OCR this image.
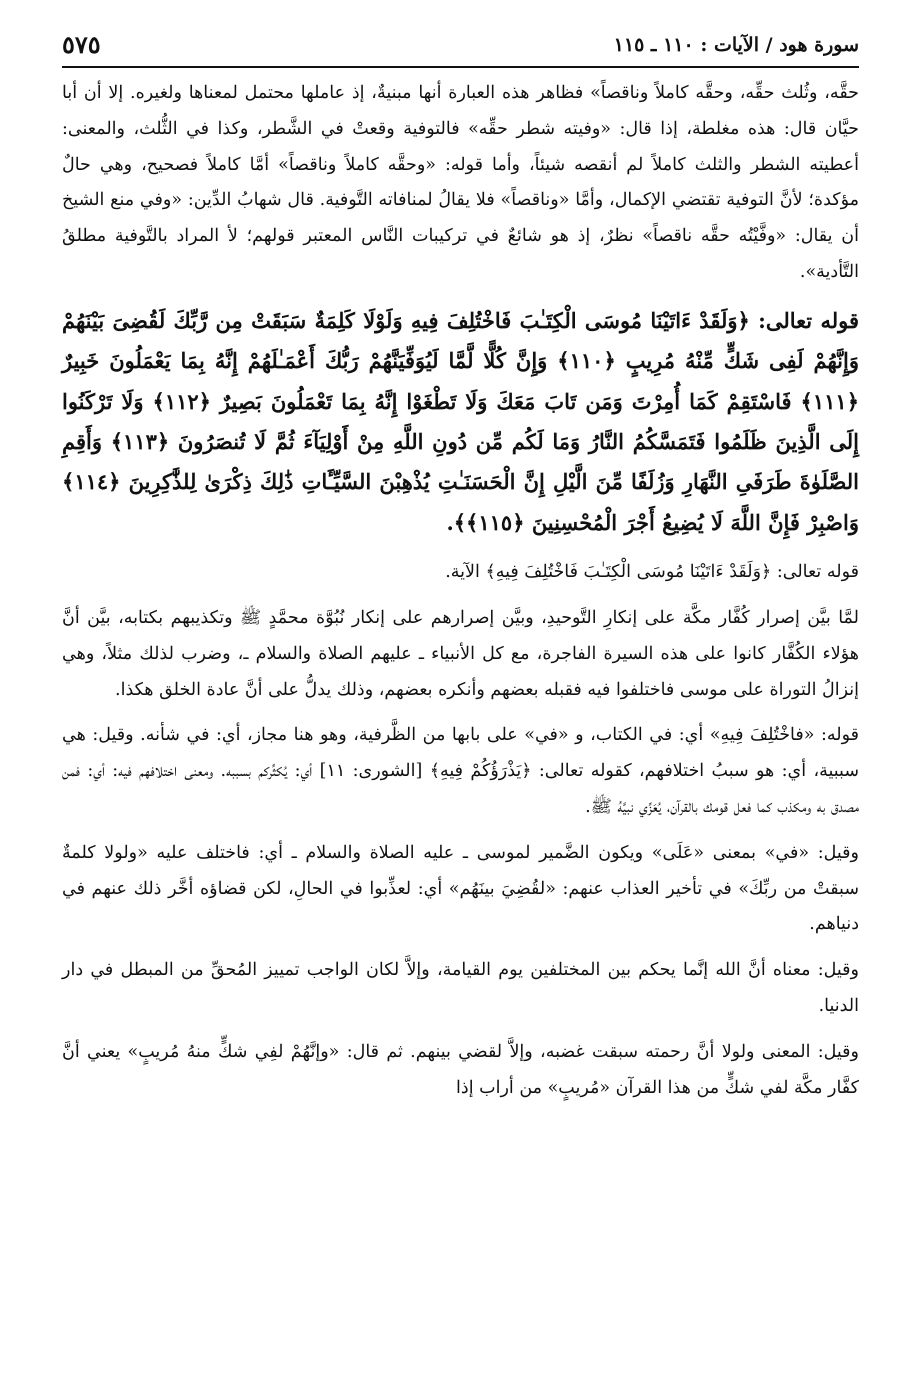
سورة هود / الآيات : ١١٠ ـ ١١٥
٥٧٥

حقَّه، وثُلث حقِّه، وحقَّه كاملاً وناقصاً» فظاهر هذه العبارة أنها مبنيةٌ، إذ عاملها محتمل لمعناها ولغيره. إلا أن أبا حيَّان قال: هذه مغلطة، إذا قال: «وفيته شطر حقِّه» فالتوفية وقعتْ في الشَّطر، وكذا في الثُّلث، والمعنى: أعطيته الشطر والثلث كاملاً لم أنقصه شيئاً، وأما قوله: «وحقَّه كاملاً وناقصاً» أمَّا كاملاً فصحيح، وهي حالٌ مؤكدة؛ لأنَّ التوفية تقتضي الإكمال، وأمَّا «وناقصاً» فلا يقالُ لمنافاته التَّوفية. قال شهابُ الدِّين: «وفي منع الشيخ أن يقال: «وفَّيْتُه حقَّه ناقصاً» نظرٌ، إذ هو شائعٌ في تركيبات النَّاس المعتبر قولهم؛ لأ المراد بالتَّوفية مطلقُ التَّأدية».

قوله تعالى: ﴿وَلَقَدْ ءَاتَيْنَا مُوسَى الْكِتَـٰبَ فَاخْتُلِفَ فِيهِ وَلَوْلَا كَلِمَةٌ سَبَقَتْ مِن رَّبِّكَ لَقُضِىَ بَيْنَهُمْ وَإِنَّهُمْ لَفِى شَكٍّ مِّنْهُ مُرِيبٍ ﴿١١٠﴾ وَإِنَّ كُلًّا لَّمَّا لَيُوَفِّيَنَّهُمْ رَبُّكَ أَعْمَـٰلَهُمْ إِنَّهُ بِمَا يَعْمَلُونَ خَبِيرٌ ﴿١١١﴾ فَاسْتَقِمْ كَمَا أُمِرْتَ وَمَن تَابَ مَعَكَ وَلَا تَطْغَوْا إِنَّهُ بِمَا تَعْمَلُونَ بَصِيرٌ ﴿١١٢﴾ وَلَا تَرْكَنُوا إِلَى الَّذِينَ ظَلَمُوا فَتَمَسَّكُمُ النَّارُ وَمَا لَكُم مِّن دُونِ اللَّهِ مِنْ أَوْلِيَآءَ ثُمَّ لَا تُنصَرُونَ ﴿١١٣﴾ وَأَقِمِ الصَّلَوٰةَ طَرَفَىِ النَّهَارِ وَزُلَفًا مِّنَ الَّيْلِ إِنَّ الْحَسَنَـٰتِ يُذْهِبْنَ السَّيِّـَٔاتِ ذَٰلِكَ ذِكْرَىٰ لِلذَّٰكِرِينَ ﴿١١٤﴾ وَاصْبِرْ فَإِنَّ اللَّهَ لَا يُضِيعُ أَجْرَ الْمُحْسِنِينَ ﴿١١٥﴾﴾.

قوله تعالى: ﴿وَلَقَدْ ءَاتَيْنَا مُوسَى الْكِتَـٰبَ فَاخْتُلِفَ فِيهِ﴾ الآية.

لمَّا بيَّن إصرار كُفَّار مكَّة على إنكارِ التَّوحيدِ، وبيَّن إصرارهم على إنكار نُبُوَّة محمَّدٍ ﷺ وتكذيبهم بكتابه، بيَّن أنَّ هؤلاء الكُفَّار كانوا على هذه السيرة الفاجرة، مع كل الأنبياء ـ عليهم الصلاة والسلام ـ، وضرب لذلك مثلاً، وهي إنزالُ التوراة على موسى فاختلفوا فيه فقبله بعضهم وأنكره بعضهم، وذلك يدلُّ على أنَّ عادة الخلق هكذا.

قوله: «فاخْتُلِفَ فِيهِ» أي: في الكتاب، و «في» على بابها من الظَّرفية، وهو هنا مجاز، أي: في شأنه. وقيل: هي سببية، أي: هو سببُ اختلافهم، كقوله تعالى: ﴿يَذْرَؤُكُمْ فِيهِ﴾ [الشورى: ١١] أي: يُكثِّركم بسببه. ومعنى اختلافهم فيه: أي: فمن مصدق به ومكذب كما فعل قومك بالقرآن، يُعَزِّي نبيَّهُ ﷺ.

وقيل: «في» بمعنى «عَلَى» ويكون الضَّمير لموسى ـ عليه الصلاة والسلام ـ أي: فاختلف عليه «ولولا كلمةٌ سبقتْ من ربِّكَ» في تأخير العذاب عنهم: «لقُضِيَ بينَهُم» أي: لعذِّبوا في الحالِ، لكن قضاؤه أخَّر ذلك عنهم في دنياهم.

وقيل: معناه أنَّ الله إنَّما يحكم بين المختلفين يوم القيامة، وإلاَّ لكان الواجب تمييز المُحقِّ من المبطل في دار الدنيا.

وقيل: المعنى ولولا أنَّ رحمته سبقت غضبه، وإلاَّ لقضي بينهم. ثم قال: «وإنَّهُمْ لفِي شكٍّ منهُ مُريبٍ» يعني أنَّ كفَّار مكَّة لفي شكٍّ من هذا القرآن «مُريبٍ» من أراب إذا
